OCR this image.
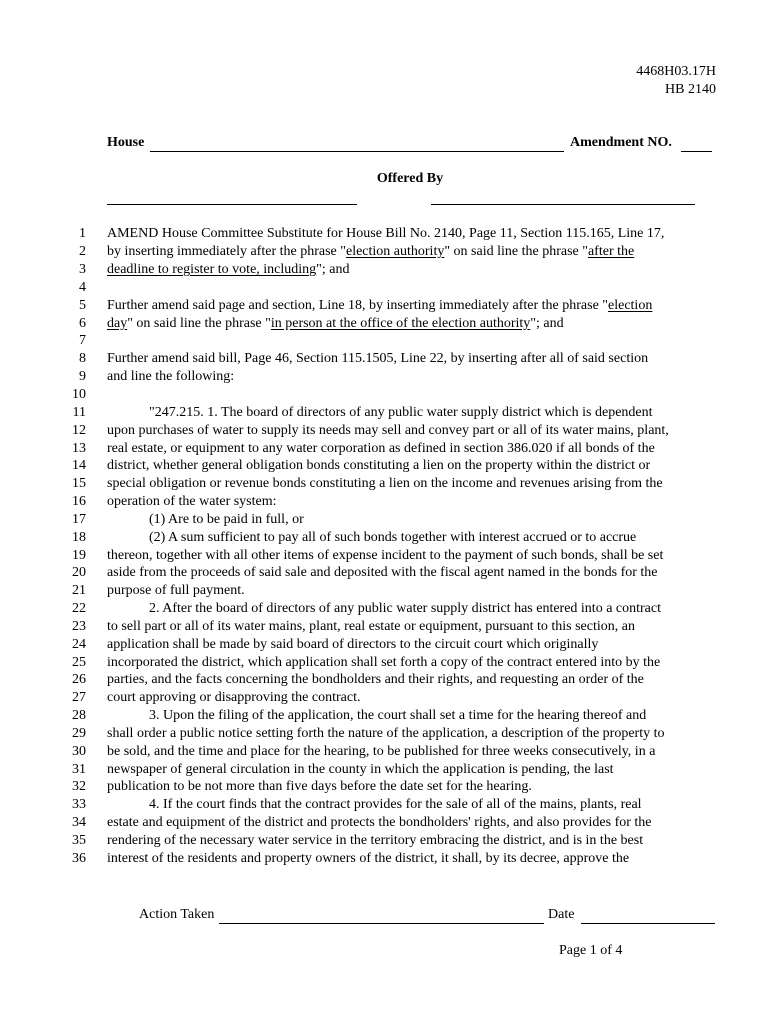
4468H03.17H
HB 2140
House	Amendment NO.
Offered By
1
2
3
4
5
6
7
8
9
10
11
12
13
14
15
16
17
18
19
20
21
22
23
24
25
26
27
28
29
30
31
32
33
34
35
36
AMEND House Committee Substitute for House Bill No. 2140, Page 11, Section 115.165, Line 17,
by inserting immediately after the phrase "election authority" on said line the phrase "after the
deadline to register to vote, including"; and
Further amend said page and section, Line 18, by inserting immediately after the phrase "election
day" on said line the phrase "in person at the office of the election authority"; and
Further amend said bill, Page 46, Section 115.1505, Line 22, by inserting after all of said section
and line the following:
"247.215. 1. The board of directors of any public water supply district which is dependent
upon purchases of water to supply its needs may sell and convey part or all of its water mains, plant,
real estate, or equipment to any water corporation as defined in section 386.020 if all bonds of the
district, whether general obligation bonds constituting a lien on the property within the district or
special obligation or revenue bonds constituting a lien on the income and revenues arising from the
operation of the water system:
(1) Are to be paid in full, or
(2) A sum sufficient to pay all of such bonds together with interest accrued or to accrue
thereon, together with all other items of expense incident to the payment of such bonds, shall be set
aside from the proceeds of said sale and deposited with the fiscal agent named in the bonds for the
purpose of full payment.
2. After the board of directors of any public water supply district has entered into a contract
to sell part or all of its water mains, plant, real estate or equipment, pursuant to this section, an
application shall be made by said board of directors to the circuit court which originally
incorporated the district, which application shall set forth a copy of the contract entered into by the
parties, and the facts concerning the bondholders and their rights, and requesting an order of the
court approving or disapproving the contract.
3. Upon the filing of the application, the court shall set a time for the hearing thereof and
shall order a public notice setting forth the nature of the application, a description of the property to
be sold, and the time and place for the hearing, to be published for three weeks consecutively, in a
newspaper of general circulation in the county in which the application is pending, the last
publication to be not more than five days before the date set for the hearing.
4. If the court finds that the contract provides for the sale of all of the mains, plants, real
estate and equipment of the district and protects the bondholders' rights, and also provides for the
rendering of the necessary water service in the territory embracing the district, and is in the best
interest of the residents and property owners of the district, it shall, by its decree, approve the
Action Taken	Date
Page 1 of 4
